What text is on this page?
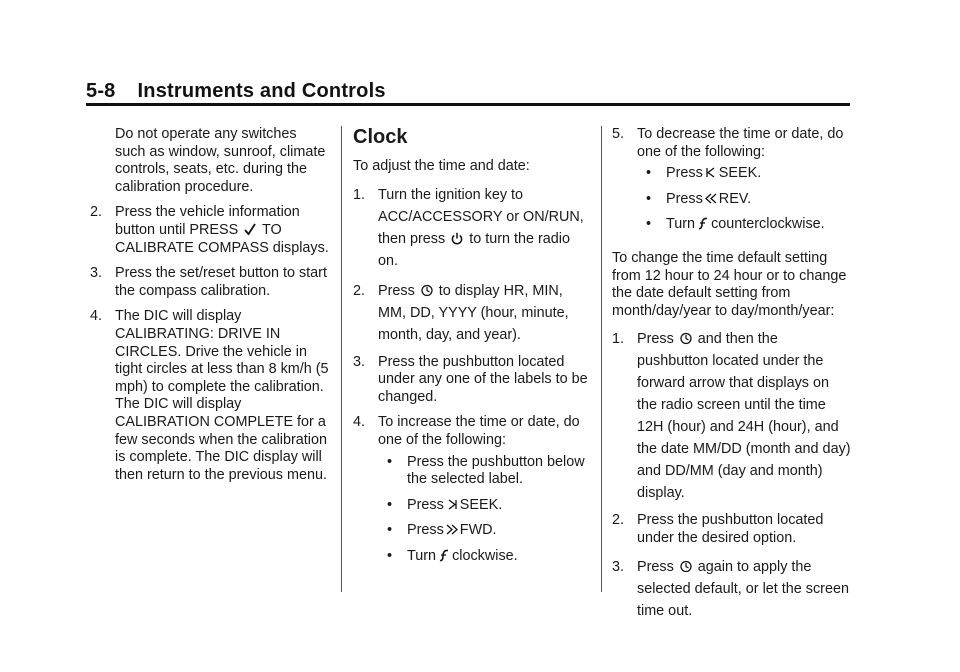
5-8 Instruments and Controls

Do not operate any switches such as window, sunroof, climate controls, seats, etc. during the calibration procedure.

2. Press the vehicle information button until PRESS TO CALIBRATE COMPASS displays.
3. Press the set/reset button to start the compass calibration.
4. The DIC will display CALIBRATING: DRIVE IN CIRCLES. Drive the vehicle in tight circles at less than 8 km/h (5 mph) to complete the calibration. The DIC will display CALIBRATION COMPLETE for a few seconds when the calibration is complete. The DIC display will then return to the previous menu.
Clock

To adjust the time and date:

1. Turn the ignition key to ACC/ACCESSORY or ON/RUN, then press to turn the radio on.
2. Press to display HR, MIN, MM, DD, YYYY (hour, minute, month, day, and year).
3. Press the pushbutton located under any one of the labels to be changed.
4. To increase the time or date, do one of the following:
•	Press the pushbutton below the selected label.
•	Press SEEK.
•	Press FWD.
•	Turn clockwise.
5. To decrease the time or date, do one of the following:
•	Press SEEK.
•	Press REV.
•	Turn counterclockwise.

To change the time default setting from 12 hour to 24 hour or to change the date default setting from month/day/year to day/month/year:

1. Press and then the pushbutton located under the forward arrow that displays on the radio screen until the time 12H (hour) and 24H (hour), and the date MM/DD (month and day) and DD/MM (day and month) display.
2. Press the pushbutton located under the desired option.
3. Press again to apply the selected default, or let the screen time out.
